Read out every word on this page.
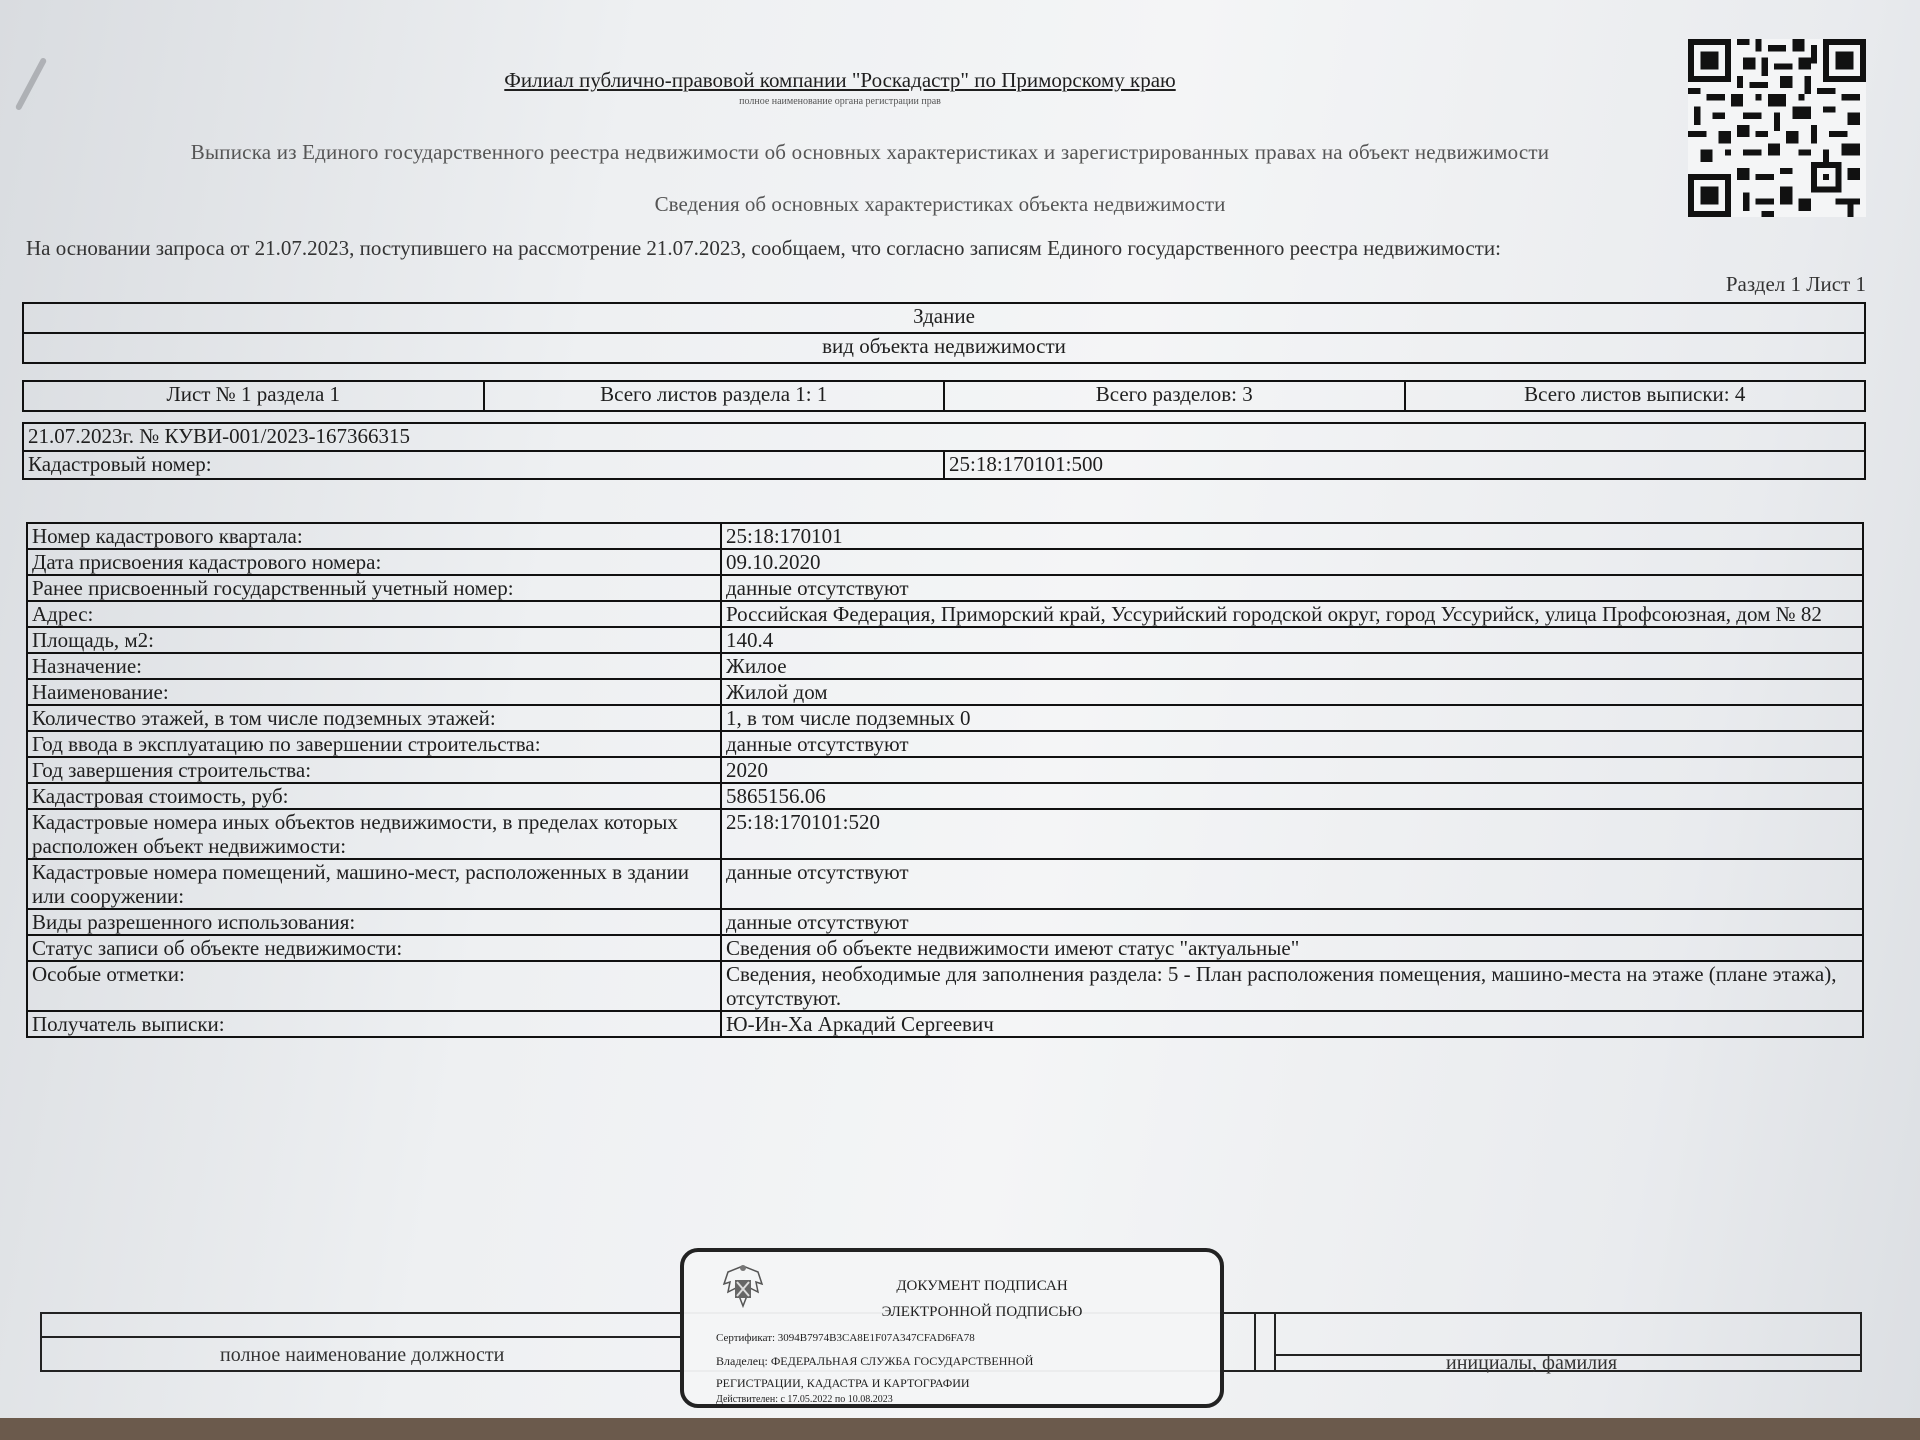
Филиал публично-правовой компании "Роскадастр" по Приморскому краю
полное наименование органа регистрации прав
Выписка из Единого государственного реестра недвижимости об основных характеристиках и зарегистрированных правах на объект недвижимости
Сведения об основных характеристиках объекта недвижимости
На основании запроса от 21.07.2023, поступившего на рассмотрение 21.07.2023, сообщаем, что согласно записям Единого государственного реестра недвижимости:
Раздел 1 Лист 1
Здание
вид объекта недвижимости
Лист № 1 раздела 1	Всего листов раздела 1: 1	Всего разделов: 3	Всего листов выписки: 4
21.07.2023г. № КУВИ-001/2023-167366315
Кадастровый номер:	25:18:170101:500
Номер кадастрового квартала:	25:18:170101
Дата присвоения кадастрового номера:	09.10.2020
Ранее присвоенный государственный учетный номер:	данные отсутствуют
Адрес:	Российская Федерация, Приморский край, Уссурийский городской округ, город Уссурийск, улица Профсоюзная, дом № 82
Площадь, м2:	140.4
Назначение:	Жилое
Наименование:	Жилой дом
Количество этажей, в том числе подземных этажей:	1, в том числе подземных 0
Год ввода в эксплуатацию по завершении строительства:	данные отсутствуют
Год завершения строительства:	2020
Кадастровая стоимость, руб:	5865156.06
Кадастровые номера иных объектов недвижимости, в пределах которых расположен объект недвижимости:	25:18:170101:520
Кадастровые номера помещений, машино-мест, расположенных в здании или сооружении:	данные отсутствуют
Виды разрешенного использования:	данные отсутствуют
Статус записи об объекте недвижимости:	Сведения об объекте недвижимости имеют статус "актуальные"
Особые отметки:	Сведения, необходимые для заполнения раздела: 5 - План расположения помещения, машино-места на этаже (плане этажа), отсутствуют.
Получатель выписки:	Ю-Ин-Ха Аркадий Сергеевич
полное наименование должности	инициалы, фамилия
ДОКУМЕНТ ПОДПИСАН
ЭЛЕКТРОННОЙ ПОДПИСЬЮ
Сертификат: 3094B7974B3CA8E1F07A347CFAD6FA78
Владелец: ФЕДЕРАЛЬНАЯ СЛУЖБА ГОСУДАРСТВЕННОЙ
РЕГИСТРАЦИИ, КАДАСТРА И КАРТОГРАФИИ
Действителен: с 17.05.2022 по 10.08.2023
